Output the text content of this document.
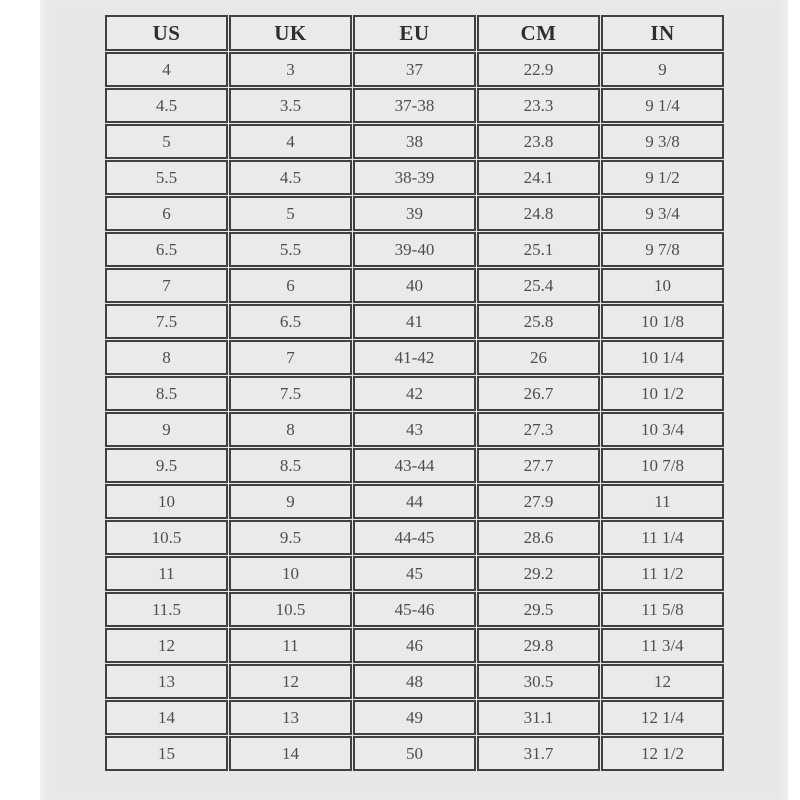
US	UK	EU	CM	IN
4	3	37	22.9	9
4.5	3.5	37-38	23.3	9 1/4
5	4	38	23.8	9 3/8
5.5	4.5	38-39	24.1	9 1/2
6	5	39	24.8	9 3/4
6.5	5.5	39-40	25.1	9 7/8
7	6	40	25.4	10
7.5	6.5	41	25.8	10 1/8
8	7	41-42	26	10 1/4
8.5	7.5	42	26.7	10 1/2
9	8	43	27.3	10 3/4
9.5	8.5	43-44	27.7	10 7/8
10	9	44	27.9	11
10.5	9.5	44-45	28.6	11 1/4
11	10	45	29.2	11 1/2
11.5	10.5	45-46	29.5	11 5/8
12	11	46	29.8	11 3/4
13	12	48	30.5	12
14	13	49	31.1	12 1/4
15	14	50	31.7	12 1/2
